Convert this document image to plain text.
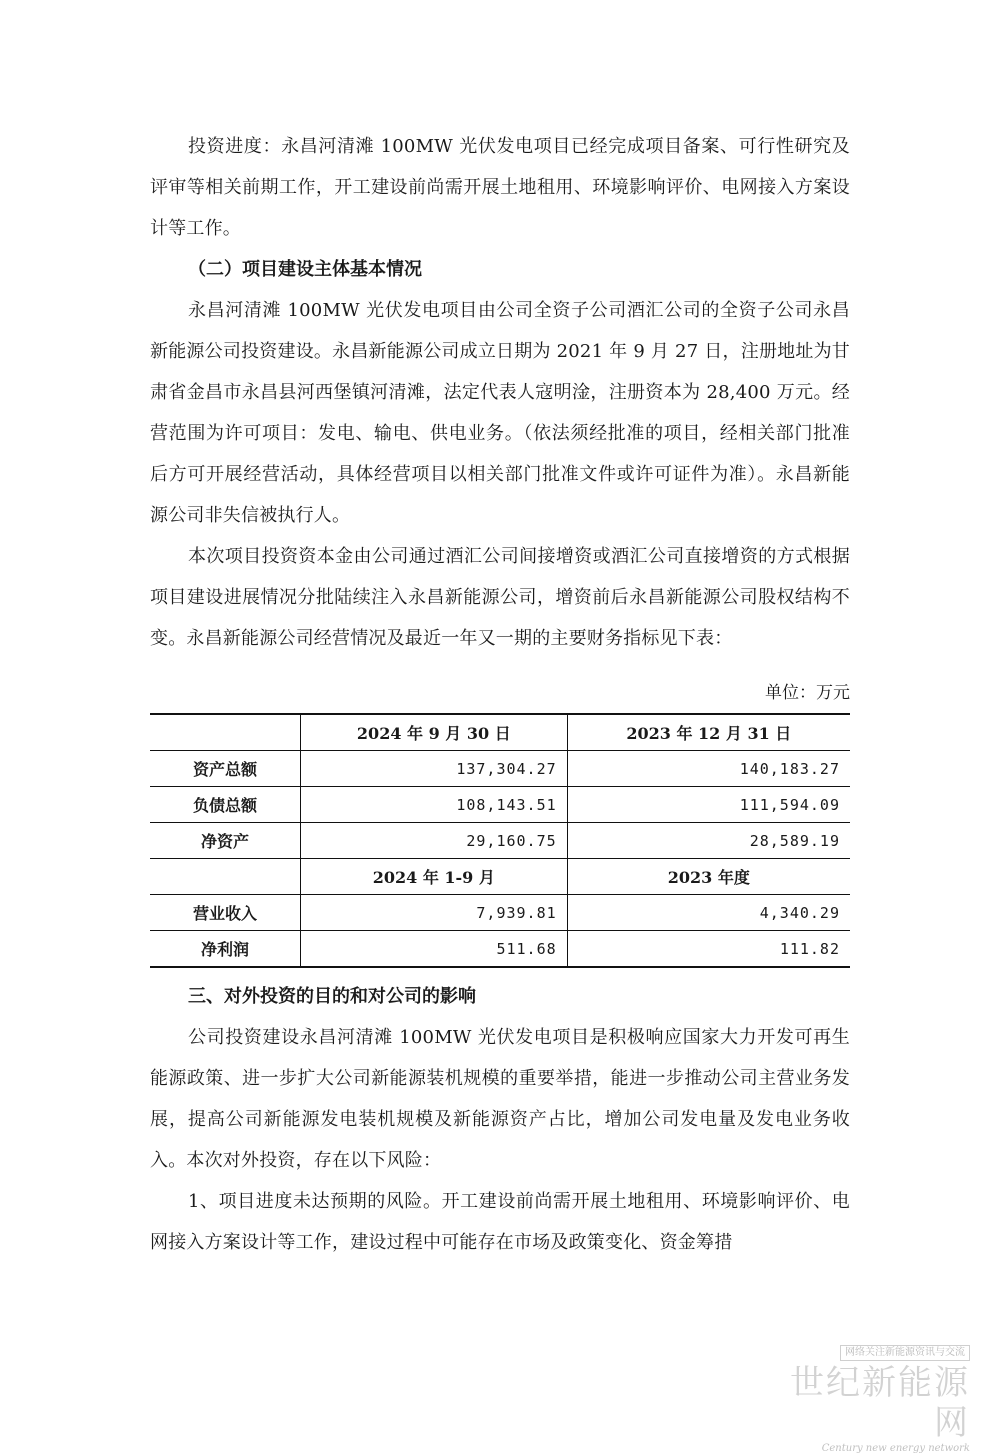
投资进度：永昌河清滩 100MW 光伏发电项目已经完成项目备案、可行性研究及评审等相关前期工作，开工建设前尚需开展土地租用、环境影响评价、电网接入方案设计等工作。

（二）项目建设主体基本情况

永昌河清滩 100MW 光伏发电项目由公司全资子公司酒汇公司的全资子公司永昌新能源公司投资建设。永昌新能源公司成立日期为 2021 年 9 月 27 日，注册地址为甘肃省金昌市永昌县河西堡镇河清滩，法定代表人寇明淦，注册资本为 28,400 万元。经营范围为许可项目：发电、输电、供电业务。（依法须经批准的项目，经相关部门批准后方可开展经营活动，具体经营项目以相关部门批准文件或许可证件为准）。永昌新能源公司非失信被执行人。

本次项目投资资本金由公司通过酒汇公司间接增资或酒汇公司直接增资的方式根据项目建设进展情况分批陆续注入永昌新能源公司，增资前后永昌新能源公司股权结构不变。永昌新能源公司经营情况及最近一年又一期的主要财务指标见下表：

单位：万元
	2024 年 9 月 30 日	2023 年 12 月 31 日
资产总额	137,304.27	140,183.27
负债总额	108,143.51	111,594.09
净资产	29,160.75	28,589.19
	2024 年 1-9 月	2023 年度
营业收入	7,939.81	4,340.29
净利润	511.68	111.82

三、对外投资的目的和对公司的影响

公司投资建设永昌河清滩 100MW 光伏发电项目是积极响应国家大力开发可再生能源政策、进一步扩大公司新能源装机规模的重要举措，能进一步推动公司主营业务发展，提高公司新能源发电装机规模及新能源资产占比，增加公司发电量及发电业务收入。本次对外投资，存在以下风险：

1、项目进度未达预期的风险。开工建设前尚需开展土地租用、环境影响评价、电网接入方案设计等工作，建设过程中可能存在市场及政策变化、资金筹措

网络关注新能源资讯与交流
世纪新能源网
Century new energy network
